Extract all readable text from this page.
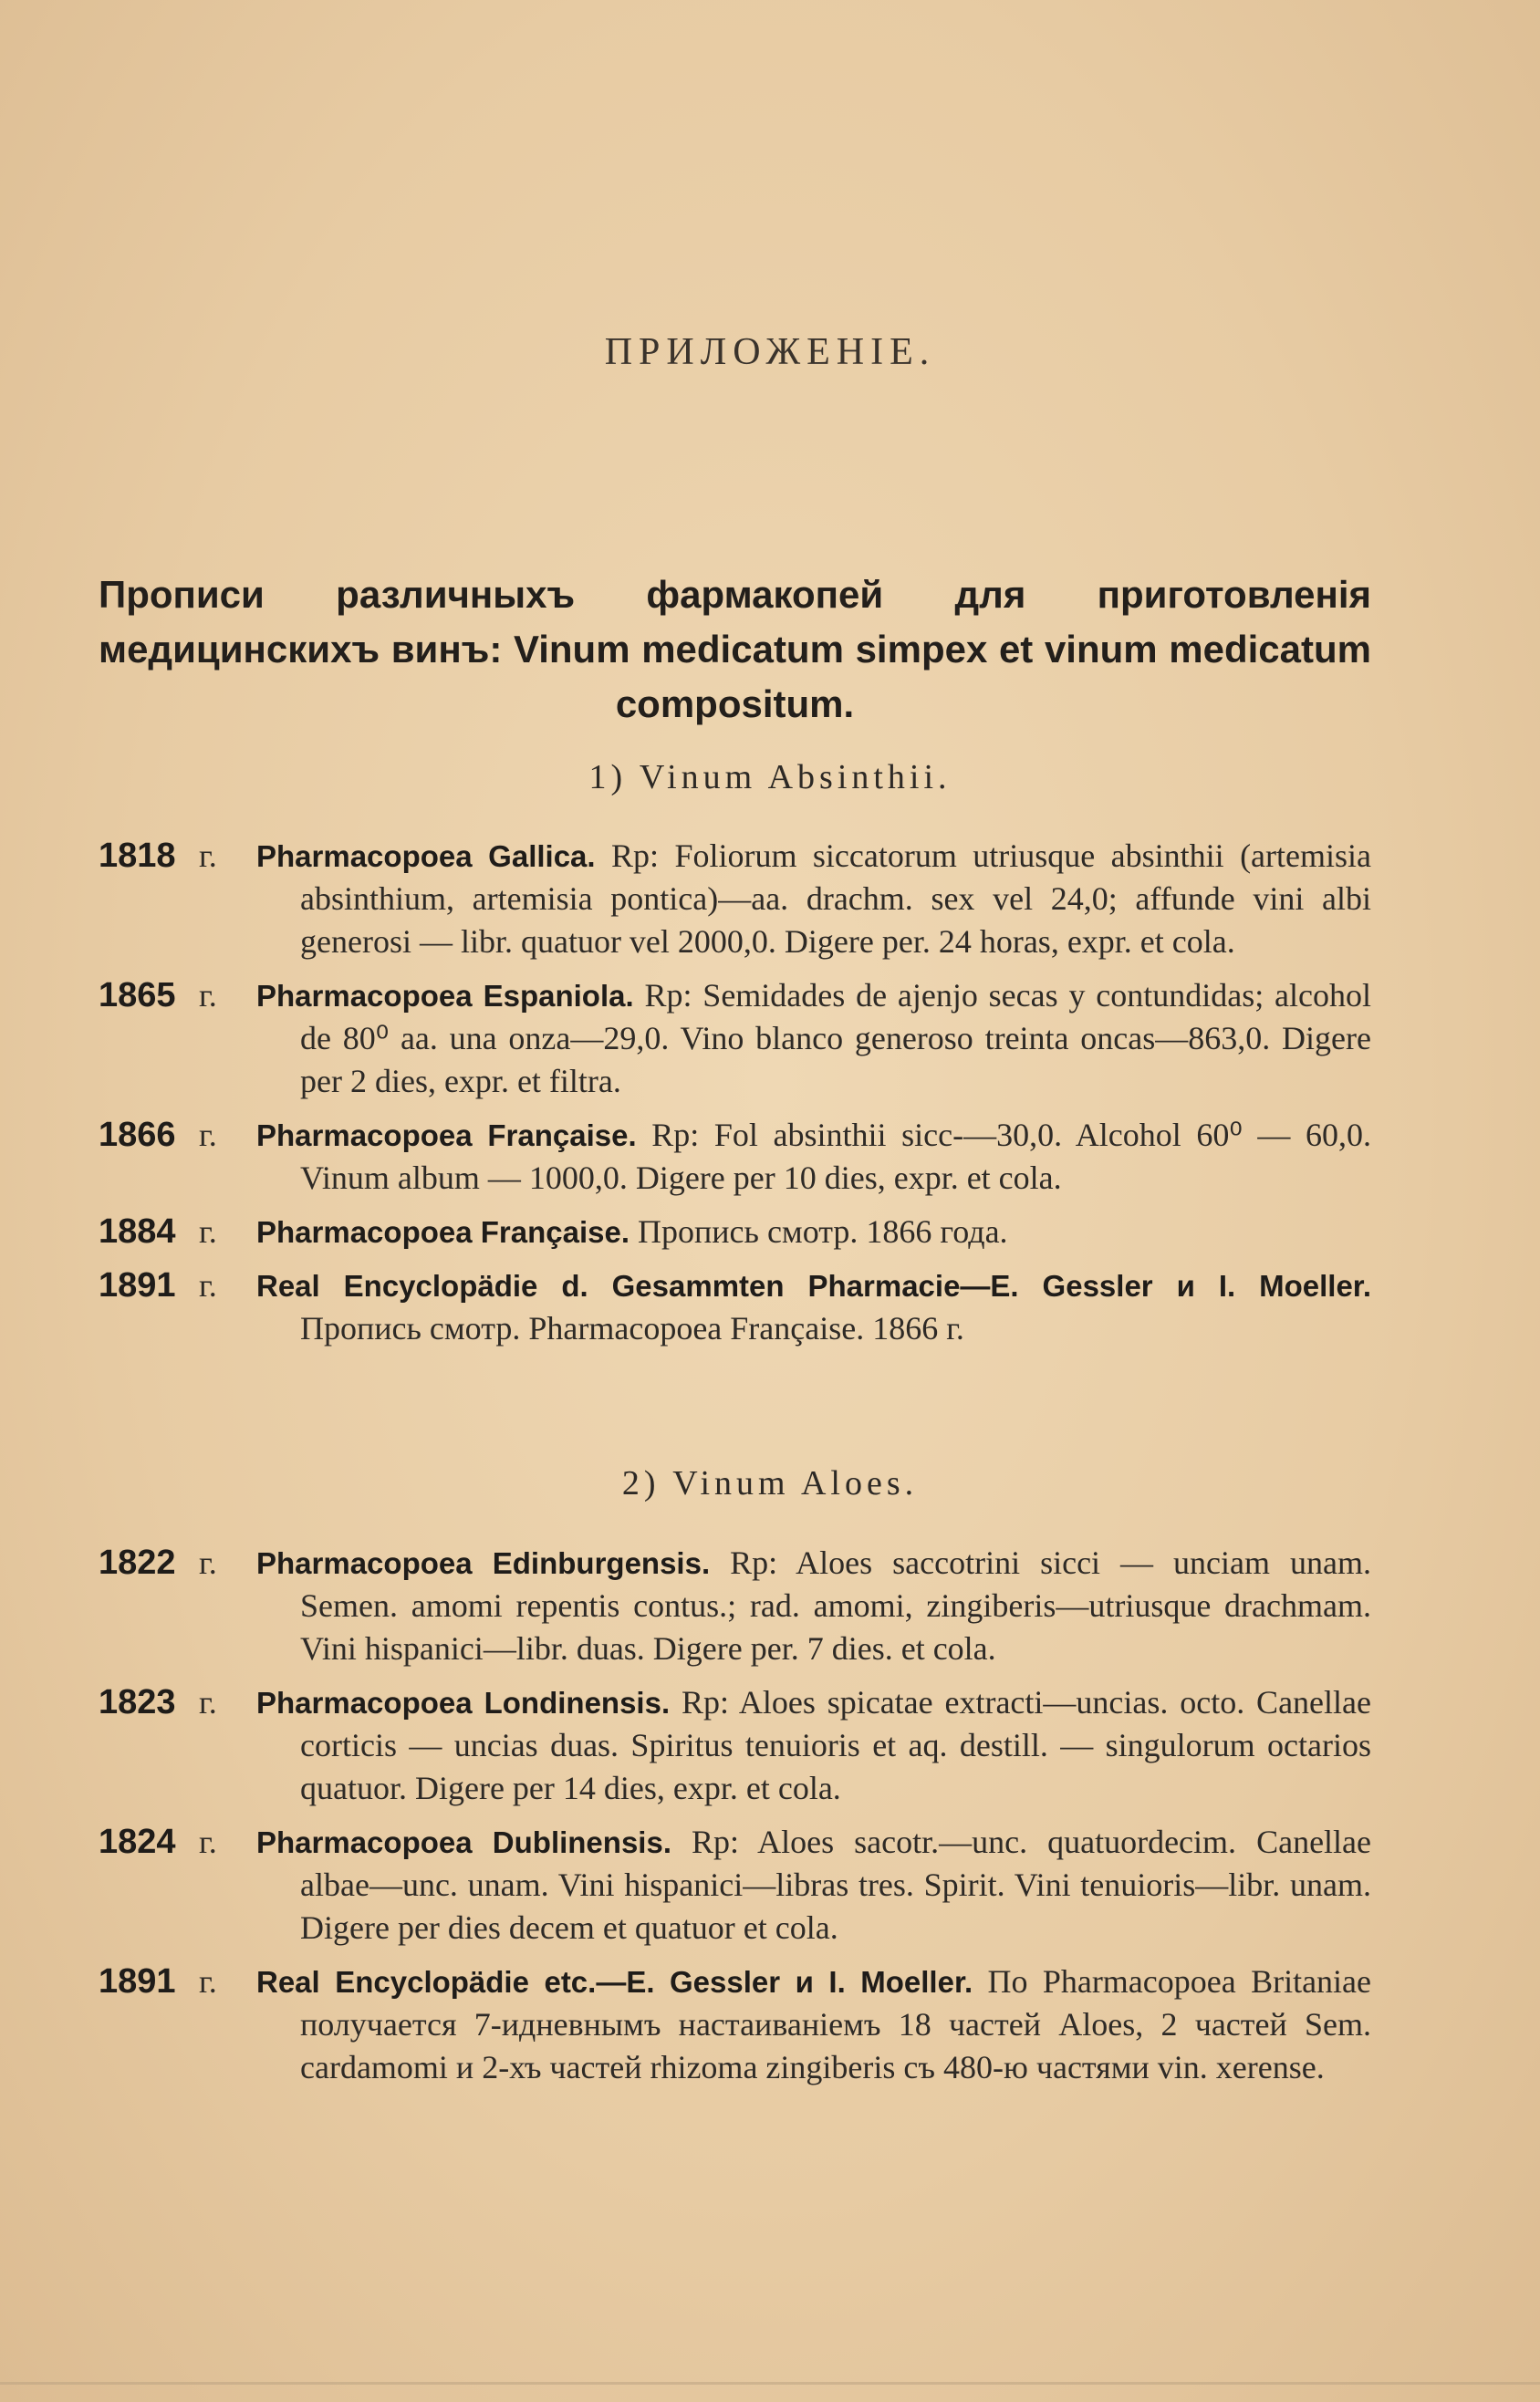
ПРИЛОЖЕНІЕ.
Прописи различныхъ фармакопей для приготовленія медицинскихъ винъ: Vinum medicatum simpex et vinum medicatum compositum.
1) Vinum Absinthii.
1818 г. Pharmacopoea Gallica. Rp: Foliorum siccatorum utriusque absinthii (artemisia absinthium, artemisia pontica)—aa. drachm. sex vel 24,0; affunde vini albi generosi — libr. quatuor vel 2000,0. Digere per. 24 horas, expr. et cola.
1865 г. Pharmacopoea Espaniola. Rp: Semidades de ajenjo secas y contundidas; alcohol de 80⁰ aa. una onza—29,0. Vino blanco generoso treinta oncas—863,0. Digere per 2 dies, expr. et filtra.
1866 г. Pharmacopoea Française. Rp: Fol absinthii sicc-—30,0. Alcohol 60⁰ — 60,0. Vinum album — 1000,0. Digere per 10 dies, expr. et cola.
1884 г. Pharmacopoea Française. Пропись смотр. 1866 года.
1891 г. Real Encyclopädie d. Gesammten Pharmacie—E. Gessler и I. Moeller. Пропись смотр. Pharmacopoea Française. 1866 г.
2) Vinum Aloes.
1822 г. Pharmacopoea Edinburgensis. Rp: Aloes saccotrini sicci — unciam unam. Semen. amomi repentis contus.; rad. amomi, zingiberis—utriusque drachmam. Vini hispanici—libr. duas. Digere per. 7 dies. et cola.
1823 г. Pharmacopoea Londinensis. Rp: Aloes spicatae extracti—uncias. octo. Canellae corticis — uncias duas. Spiritus tenuioris et aq. destill. — singulorum octarios quatuor. Digere per 14 dies, expr. et cola.
1824 г. Pharmacopoea Dublinensis. Rp: Aloes sacotr.—unc. quatuordecim. Canellae albae—unc. unam. Vini hispanici—libras tres. Spirit. Vini tenuioris—libr. unam. Digere per dies decem et quatuor et cola.
1891 г. Real Encyclopädie etc.—E. Gessler и I. Moeller. По Pharmacopoea Britaniae получается 7-идневнымъ настаиваніемъ 18 частей Aloes, 2 частей Sem. cardamomi и 2-хъ частей rhizoma zingiberis съ 480-ю частями vin. xerense.
